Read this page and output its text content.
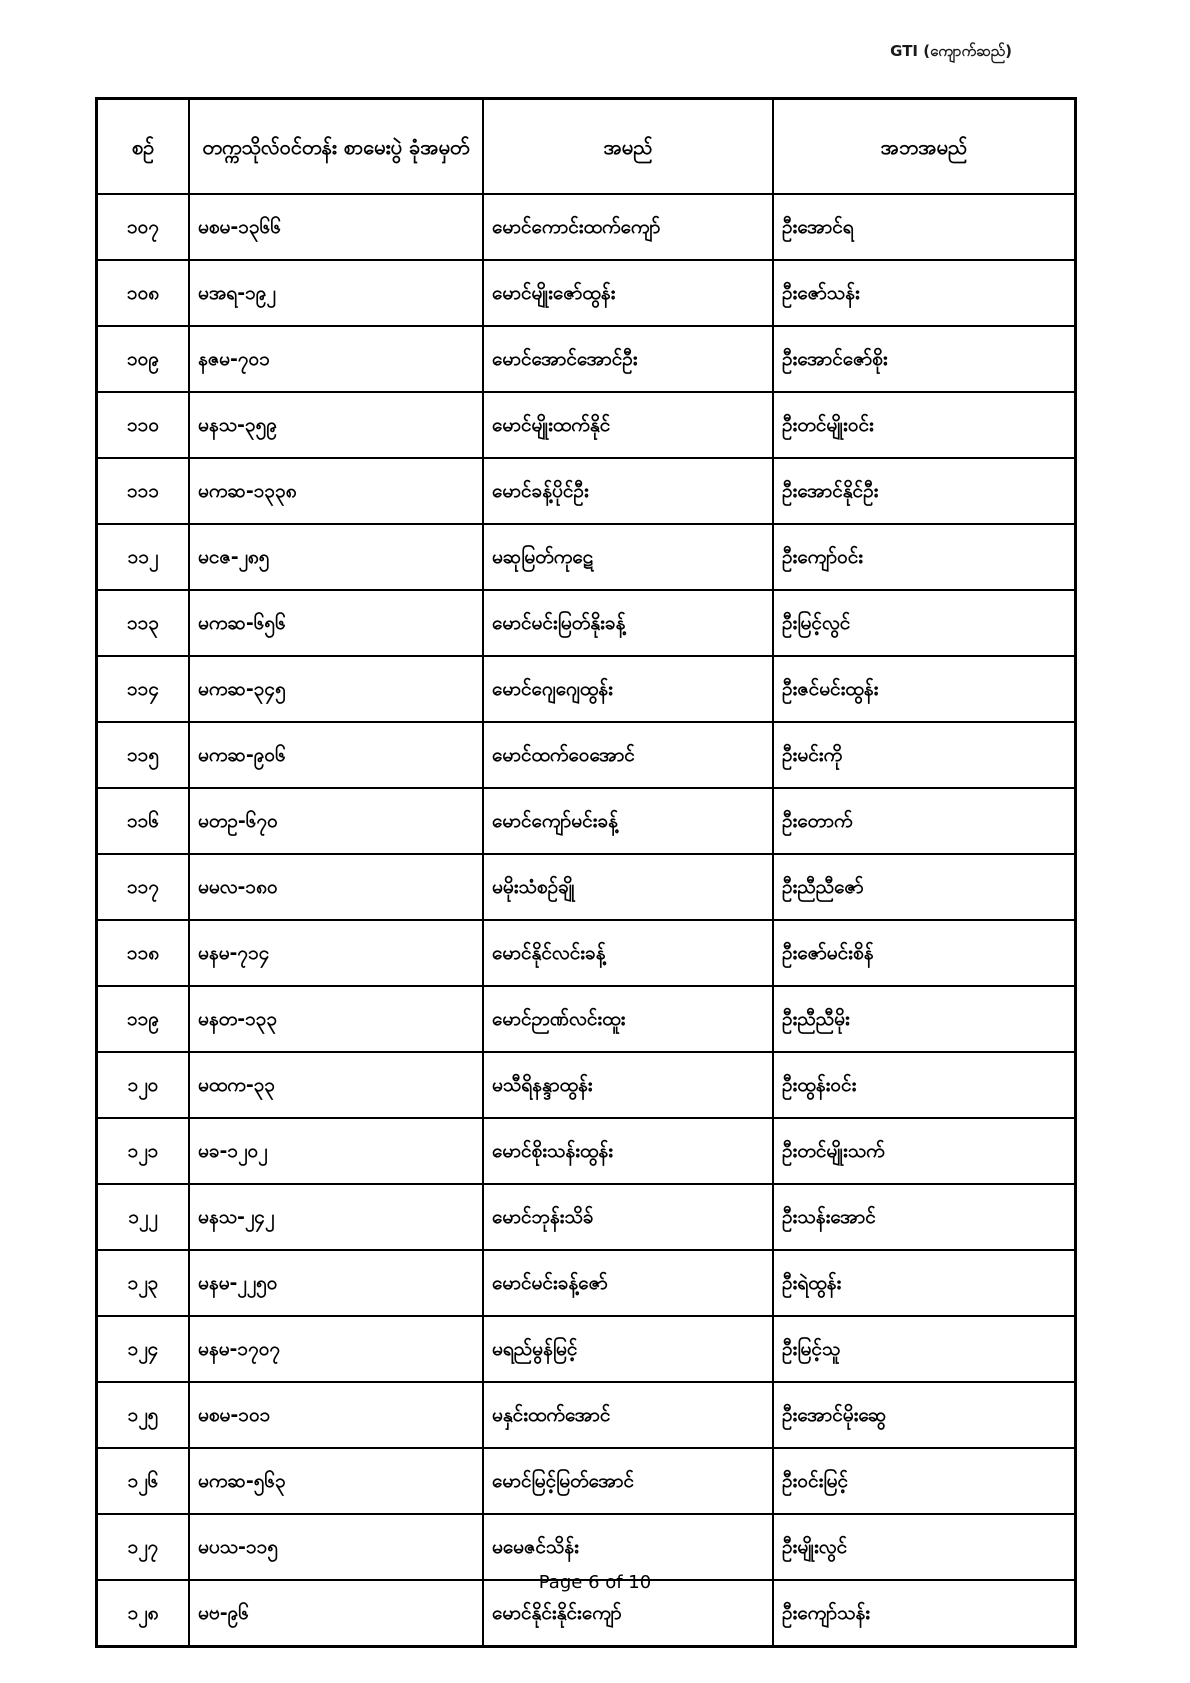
GTI (ကျောက်ဆည်)
စဉ်	တက္ကသိုလ်ဝင်တန်း စာမေးပွဲ ခုံအမှတ်	အမည်	အဘအမည်
၁၀၇	မစမ-၁၃၆၆	မောင်ကောင်းထက်ကျော်	ဦးအောင်ရ
၁၀၈	မအရ-၁၉၂	မောင်မျိုးဇော်ထွန်း	ဦးဇော်သန်း
၁၀၉	နဇမ-၇၀၁	မောင်အောင်အောင်ဦး	ဦးအောင်ဇော်စိုး
၁၁၀	မနသ-၃၅၉	မောင်မျိုးထက်နိုင်	ဦးတင်မျိုးဝင်း
၁၁၁	မကဆ-၁၃၃၈	မောင်ခန့်ပိုင်ဦး	ဦးအောင်နိုင်ဦး
၁၁၂	မငဇ-၂၈၅	မဆုမြတ်ကုဋေ	ဦးကျော်ဝင်း
၁၁၃	မကဆ-၆၅၆	မောင်မင်းမြတ်နိုးခန့်	ဦးမြင့်လွင်
၁၁၄	မကဆ-၃၄၅	မောင်ဂျေဂျေထွန်း	ဦးဇင်မင်းထွန်း
၁၁၅	မကဆ-၉၀၆	မောင်ထက်ဝေအောင်	ဦးမင်းကို
၁၁၆	မတဥ-၆၇၀	မောင်ကျော်မင်းခန့်	ဦးတောက်
၁၁၇	မမလ-၁၈၀	မမိုးသံစဉ်ချို	ဦးညီညီဇော်
၁၁၈	မနမ-၇၁၄	မောင်နိုင်လင်းခန့်	ဦးဇော်မင်းစိန်
၁၁၉	မနတ-၁၃၃	မောင်ဉာဏ်လင်းထူး	ဦးညီညီမိုး
၁၂၀	မထက-၃၃	မသီရိနန္ဒာထွန်း	ဦးထွန်းဝင်း
၁၂၁	မခ-၁၂၀၂	မောင်စိုးသန်းထွန်း	ဦးတင်မျိုးသက်
၁၂၂	မနသ-၂၄၂	မောင်ဘုန်းသိခ်	ဦးသန်းအောင်
၁၂၃	မနမ-၂၂၅၀	မောင်မင်းခန့်ဇော်	ဦးရဲထွန်း
၁၂၄	မနမ-၁၇၀၇	မရည်မွန်မြင့်	ဦးမြင့်သူ
၁၂၅	မစမ-၁၀၁	မနှင်းထက်အောင်	ဦးအောင်မိုးဆွေ
၁၂၆	မကဆ-၅၆၃	မောင်မြင့်မြတ်အောင်	ဦးဝင်းမြင့်
၁၂၇	မပသ-၁၁၅	မမေဇင်သိန်း	ဦးမျိုးလွင်
၁၂၈	မဗ-၉၆	မောင်နိုင်းနိုင်းကျော်	ဦးကျော်သန်း
Page 6 of 10
